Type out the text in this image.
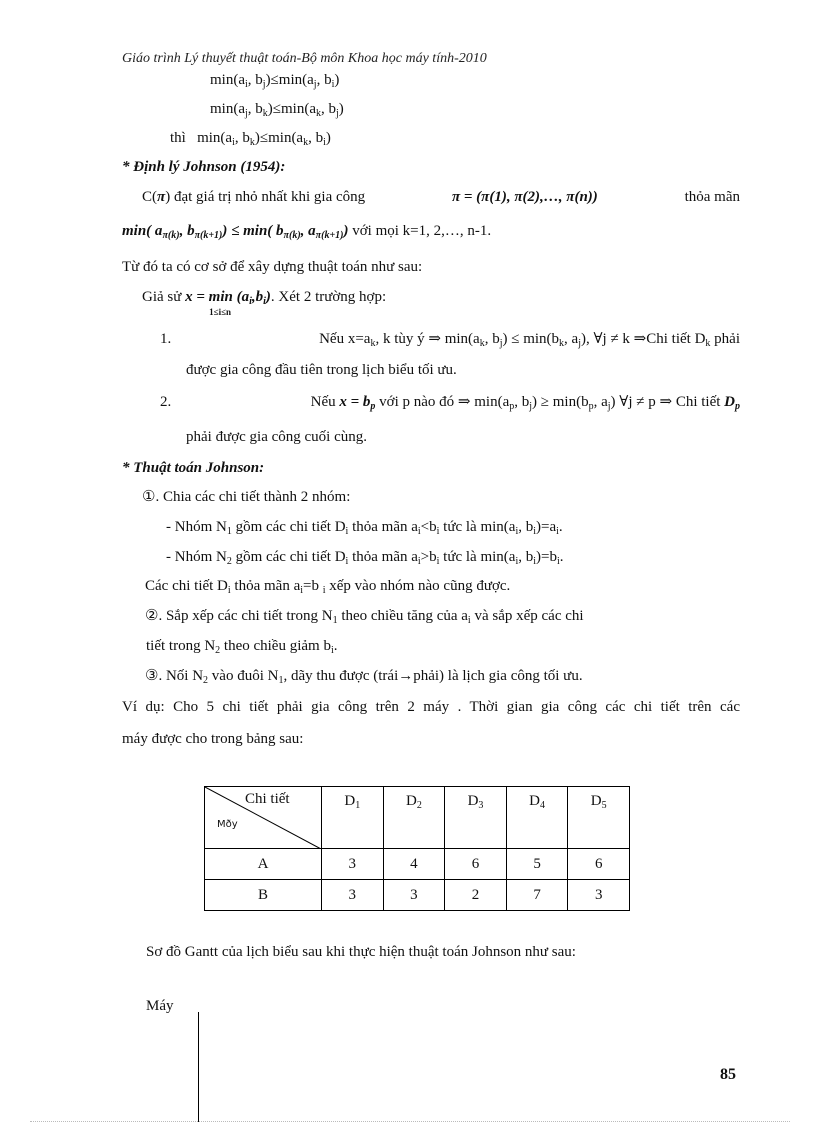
Giáo trình Lý thuyết thuật toán-Bộ môn Khoa học máy tính-2010
$\min(a_i$, $b_j)\le\min(a_j$, $b_i$)
$\min(a_j$, $b_k)\le\min(a_k$, $b_j$)
thì $\min(a_i$, $b_k)\le\min(a_k$, $b_i$)
* Định lý Johnson (1954):
C(π) đạt giá trị nhỏ nhất khi gia công	π = (π(1), π(2),…, π(n))	thỏa mãn
min( $a_{\pi(k)}$, $b_{\pi(k+1)}) \le \min$( $b_{\pi(k)}$, $a_{\pi(k+1)}$) với mọi k=1, 2,…, n-1.
Từ đó ta có cơ sở để xây dựng thuật toán như sau:
Giả sử x = min
1≤i≤n
$(a_i,b_i)$. Xét 2 trường hợp:
1.	Nếu $x=a_k$, k tùy ý ⇒ $\min(a_k$, $b_j) \le \min(b_k$, $a_j$), ∀j ≠ k ⇒Chi tiết $D_k$ phải
được gia công đầu tiên trong lịch biểu tối ưu.
2.	Nếu $x = b_p$ với p nào đó ⇒ $\min(a_p$, $b_j) \ge \min(b_p$, $a_j$) ∀j ≠ p ⇒ Chi tiết $D_p$
phải được gia công cuối cùng.
* Thuật toán Johnson:
①. Chia các chi tiết thành 2 nhóm:
- Nhóm $N_1$ gồm các chi tiết $D_i$ thỏa mãn $a_i<b_i$ tức là $\min(a_i$, $b_i)=a_i$.
- Nhóm $N_2$ gồm các chi tiết $D_i$ thỏa mãn $a_i>b_i$ tức là $\min(a_i$, $b_i)=b_i$.
Các chi tiết $D_i$ thỏa mãn $a_i=b$ $_i$ xếp vào nhóm nào cũng được.
②. Sắp xếp các chi tiết trong $N_1$ theo chiều tăng của $a_i$ và sắp xếp các chi
tiết trong $N_2$ theo chiều giảm $b_i$.
③. Nối $N_2$ vào đuôi $N_1$, dãy thu được (trái→phải) là lịch gia công tối ưu.
Ví dụ: Cho 5 chi tiết phải gia công trên 2 máy . Thời gian gia công các chi tiết trên các
máy được cho trong bảng sau:
Chi tiết
Mðy	$D_1$	$D_2$	$D_3$	$D_4$	$D_5$
A	3	4	6	5	6
B	3	3	2	7	3
Sơ đồ Gantt của lịch biểu sau khi thực hiện thuật toán Johnson như sau:
Máy
85
